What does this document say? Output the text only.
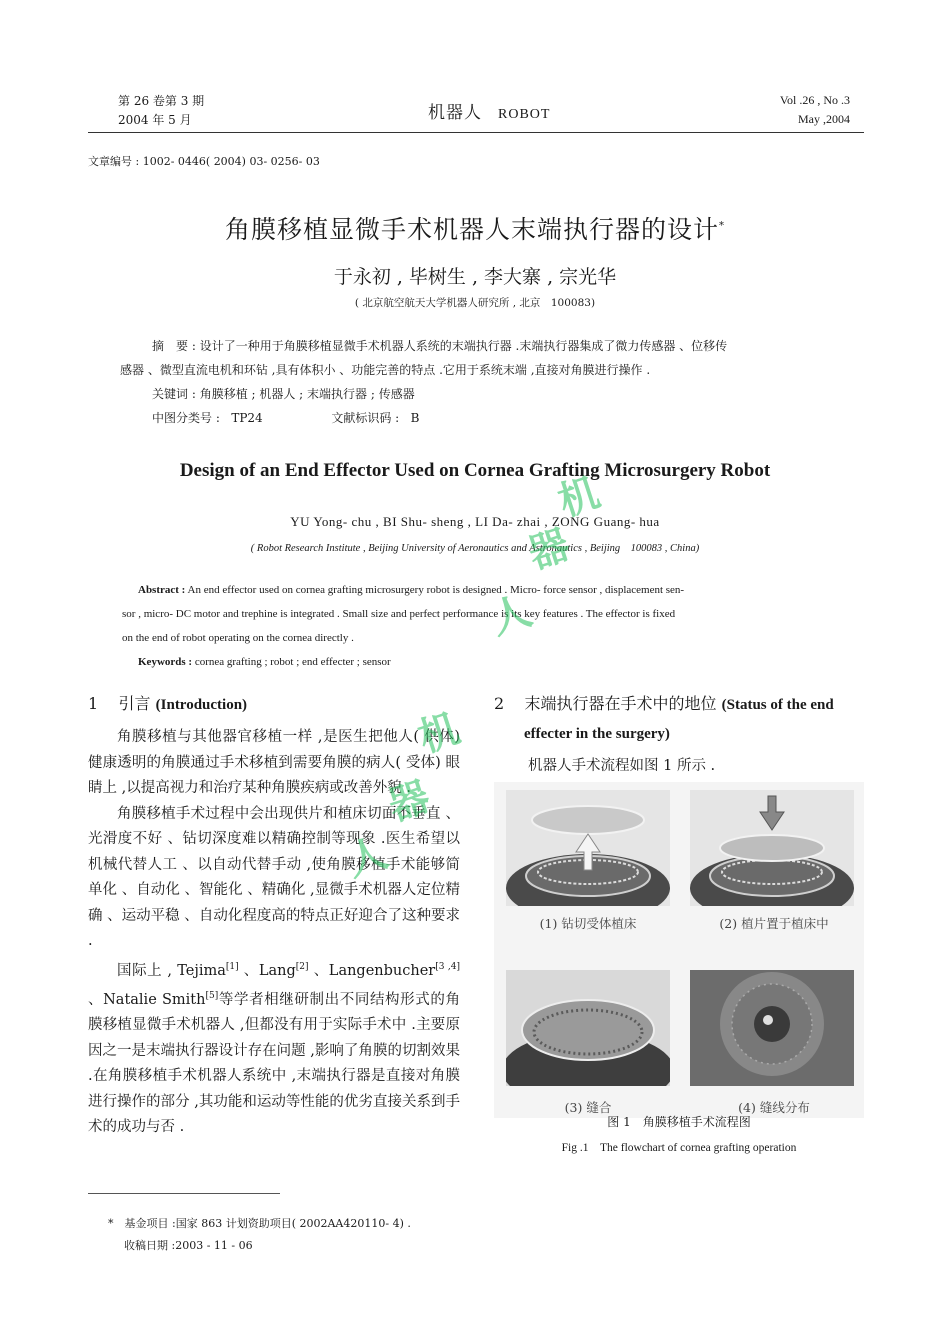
第 26 卷第 3 期
2004 年 5 月	机器人 ROBOT
Vol .26 , No .3
May ,2004
文章编号 : 1002- 0446( 2004) 03- 0256- 03
角膜移植显微手术机器人末端执行器的设计*
于永初 , 毕树生 , 李大寨 , 宗光华
( 北京航空航天大学机器人研究所 , 北京　100083)

摘　要 : 设计了一种用于角膜移植显微手术机器人系统的末端执行器 .末端执行器集成了微力传感器 、位移传
感器 、微型直流电机和环钻 ,具有体积小 、功能完善的特点 .它用于系统末端 ,直接对角膜进行操作 .

关键词 : 角膜移植 ; 机器人 ; 末端执行器 ; 传感器

中图分类号 : TP24	文献标识码 : B

Design of an End Effector Used on Cornea Grafting Microsurgery Robot
YU Yong- chu , BI Shu- sheng , LI Da- zhai , ZONG Guang- hua
( Robot Research Institute , Beijing University of Aeronautics and Astronautics , Beijing　100083 , China)

Abstract : An end effector used on cornea grafting microsurgery robot is designed . Micro- force sensor , displacement sen-

sor , micro- DC motor and trephine is integrated . Small size and perfect performance is its key features . The effector is fixed

on the end of robot operating on the cornea directly .

Keywords : cornea grafting ; robot ; end effecter ; sensor

1 引言 (Introduction)

角膜移植与其他器官移植一样 ,是医生把他人( 供体) 健康透明的角膜通过手术移植到需要角膜的病人( 受体) 眼睛上 ,以提高视力和治疗某种角膜疾病或改善外貌 .

角膜移植手术过程中会出现供片和植床切面不垂直 、光滑度不好 、钻切深度难以精确控制等现象 .医生希望以机械代替人工 、以自动代替手动 ,使角膜移植手术能够简单化 、自动化 、智能化 、精确化 ,显微手术机器人定位精确 、运动平稳 、自动化程度高的特点正好迎合了这种要求 .

国际上 , Tejima[1] 、Lang[2] 、Langenbucher[3 ,4] 、Natalie Smith[5]等学者相继研制出不同结构形式的角膜移植显微手术机器人 ,但都没有用于实际手术中 .主要原因之一是末端执行器设计存在问题 ,影响了角膜的切割效果 .在角膜移植手术机器人系统中 ,末端执行器是直接对角膜进行操作的部分 ,其功能和运动等性能的优劣直接关系到手术的成功与否 .

2 末端执行器在手术中的地位 (Status of the end effecter in the surgery)

机器人手术流程如图 1 所示 .

(1) 钻切受体植床	(2) 植片置于植床中
(3) 缝合	(4) 缝线分布
图 1　角膜移植手术流程图
Fig .1　The flowchart of cornea grafting operation
*　基金项目 :国家 863 计划资助项目( 2002AA420110- 4) .
收稿日期 :2003 - 11 - 06
机
器
人
机
器
人
